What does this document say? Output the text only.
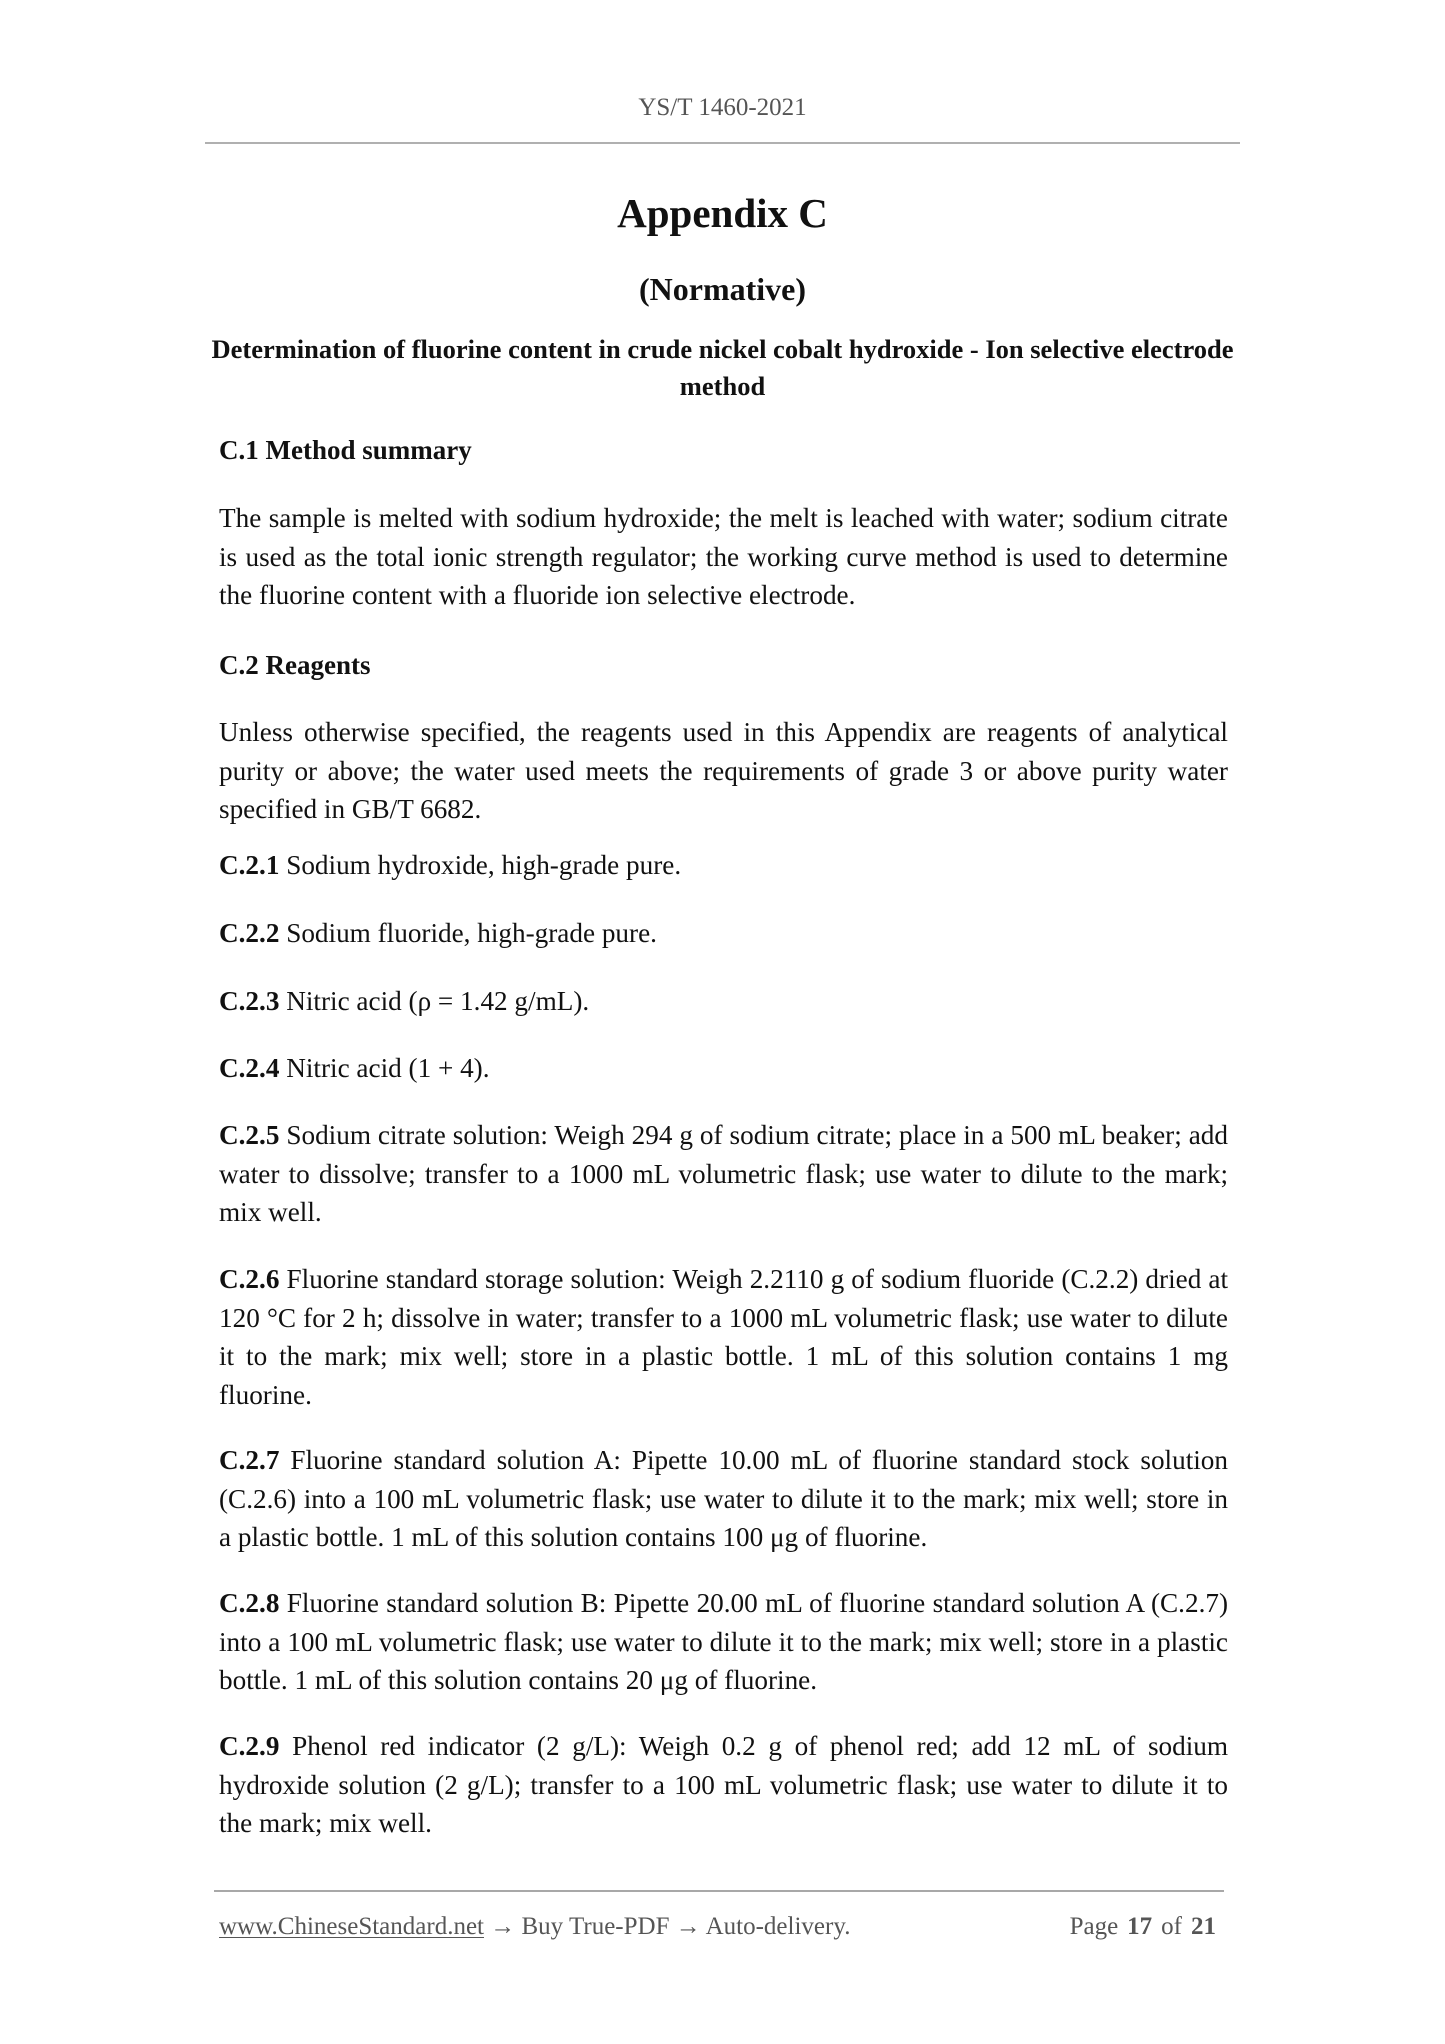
YS/T 1460-2021
Appendix C
(Normative)
Determination of fluorine content in crude nickel cobalt hydroxide - Ion selective electrode method
C.1 Method summary
The sample is melted with sodium hydroxide; the melt is leached with water; sodium citrate is used as the total ionic strength regulator; the working curve method is used to determine the fluorine content with a fluoride ion selective electrode.
C.2 Reagents
Unless otherwise specified, the reagents used in this Appendix are reagents of analytical purity or above; the water used meets the requirements of grade 3 or above purity water specified in GB/T 6682.
C.2.1 Sodium hydroxide, high-grade pure.
C.2.2 Sodium fluoride, high-grade pure.
C.2.3 Nitric acid (ρ = 1.42 g/mL).
C.2.4 Nitric acid (1 + 4).
C.2.5 Sodium citrate solution: Weigh 294 g of sodium citrate; place in a 500 mL beaker; add water to dissolve; transfer to a 1000 mL volumetric flask; use water to dilute to the mark; mix well.
C.2.6 Fluorine standard storage solution: Weigh 2.2110 g of sodium fluoride (C.2.2) dried at 120 °C for 2 h; dissolve in water; transfer to a 1000 mL volumetric flask; use water to dilute it to the mark; mix well; store in a plastic bottle. 1 mL of this solution contains 1 mg fluorine.
C.2.7 Fluorine standard solution A: Pipette 10.00 mL of fluorine standard stock solution (C.2.6) into a 100 mL volumetric flask; use water to dilute it to the mark; mix well; store in a plastic bottle. 1 mL of this solution contains 100 μg of fluorine.
C.2.8 Fluorine standard solution B: Pipette 20.00 mL of fluorine standard solution A (C.2.7) into a 100 mL volumetric flask; use water to dilute it to the mark; mix well; store in a plastic bottle. 1 mL of this solution contains 20 μg of fluorine.
C.2.9 Phenol red indicator (2 g/L): Weigh 0.2 g of phenol red; add 12 mL of sodium hydroxide solution (2 g/L); transfer to a 100 mL volumetric flask; use water to dilute it to the mark; mix well.
www.ChineseStandard.net → Buy True-PDF → Auto-delivery.	Page 17 of 21
